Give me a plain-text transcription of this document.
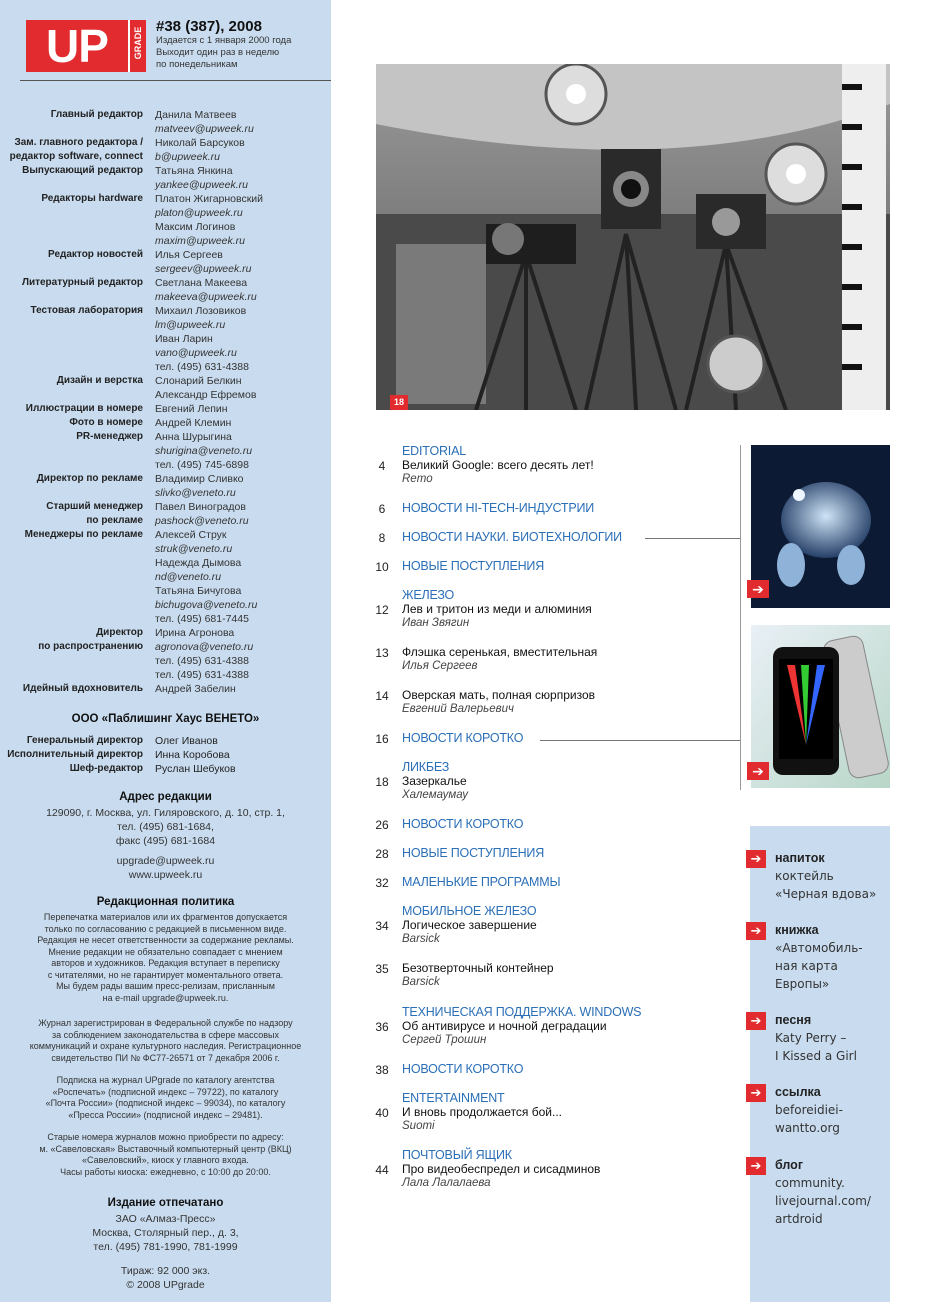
UP	GRADE
#38 (387), 2008
Издается с 1 января 2000 года
Выходит один раз в неделю
по понедельникам
Главный редактор	Данила Матвеев
matveev@upweek.ru
Зам. главного редактора /	Николай Барсуков
редактор software, connect	b@upweek.ru
Выпускающий редактор	Татьяна Янкина
yankee@upweek.ru
Редакторы hardware	Платон Жигарновский
platon@upweek.ru
Максим Логинов
maxim@upweek.ru
Редактор новостей	Илья Сергеев
sergeev@upweek.ru
Литературный редактор	Светлана Макеева
makeeva@upweek.ru
Тестовая лаборатория	Михаил Лозовиков
lm@upweek.ru
Иван Ларин
vano@upweek.ru
тел. (495) 631-4388
Дизайн и верстка	Слонарий Белкин
Александр Ефремов
Иллюстрации в номере	Евгений Лепин
Фото в номере	Андрей Клемин
PR-менеджер	Анна Шурыгина
shurigina@veneto.ru
тел. (495) 745-6898
Директор по рекламе	Владимир Сливко
slivko@veneto.ru
Старший менеджер	Павел Виноградов
по рекламе	pashock@veneto.ru
Менеджеры по рекламе	Алексей Струк
struk@veneto.ru
Надежда Дымова
nd@veneto.ru
Татьяна Бичугова
bichugova@veneto.ru
тел. (495) 681-7445
Директор	Ирина Агронова
по распространению	agronova@veneto.ru
тел. (495) 631-4388
тел. (495) 631-4388
Идейный вдохновитель	Андрей Забелин
ООО «Паблишинг Хаус ВЕНЕТО»
Генеральный директор	Олег Иванов
Исполнительный директор	Инна Коробова
Шеф-редактор	Руслан Шебуков
Адрес редакции
129090, г. Москва, ул. Гиляровского, д. 10, стр. 1,
тел. (495) 681-1684,
факс (495) 681-1684
upgrade@upweek.ru
www.upweek.ru
Редакционная политика
Перепечатка материалов или их фрагментов допускается
только по согласованию с редакцией в письменном виде.
Редакция не несет ответственности за содержание рекламы.
Мнение редакции не обязательно совпадает с мнением
авторов и художников. Редакция вступает в переписку
с читателями, но не гарантирует моментального ответа.
Мы будем рады вашим пресс-релизам, присланным
на e-mail upgrade@upweek.ru.
Журнал зарегистрирован в Федеральной службе по надзору
за соблюдением законодательства в сфере массовых
коммуникаций и охране культурного наследия. Регистрационное
свидетельство ПИ № ФС77-26571 от 7 декабря 2006 г.
Подписка на журнал UPgrade по каталогу агентства
«Роспечать» (подписной индекс – 79722), по каталогу
«Почта России» (подписной индекс – 99034), по каталогу
«Пресса России» (подписной индекс – 29481).
Старые номера журналов можно приобрести по адресу:
м. «Савеловская» Выставочный компьютерный центр (ВКЦ)
«Савеловский», киоск у главного входа.
Часы работы киоска: ежедневно, с 10:00 до 20:00.
Издание отпечатано
ЗАО «Алмаз-Пресс»
Москва, Столярный пер., д. 3,
тел. (495) 781-1990, 781-1999
Тираж: 92 000 экз.
© 2008 UPgrade
18
EDITORIAL
4	Великий Google: всего десять лет!
Remo
6	НОВОСТИ HI-TECH-ИНДУСТРИИ
8	НОВОСТИ НАУКИ. БИОТЕХНОЛОГИИ
10 НОВЫЕ ПОСТУПЛЕНИЯ
ЖЕЛЕЗО
12 Лев и тритон из меди и алюминия
Иван Звягин
13 Флэшка серенькая, вместительная
Илья Сергеев
14 Оверская мать, полная сюрпризов
Евгений Валерьевич
16 НОВОСТИ КОРОТКО
ЛИКБЕЗ
18 Зазеркалье
Халемаумау
26 НОВОСТИ КОРОТКО
28 НОВЫЕ ПОСТУПЛЕНИЯ
32 МАЛЕНЬКИЕ ПРОГРАММЫ
МОБИЛЬНОЕ ЖЕЛЕЗО
34 Логическое завершение
Barsick
35 Безотверточный контейнер
Barsick
ТЕХНИЧЕСКАЯ ПОДДЕРЖКА. WINDOWS
36 Об антивирусе и ночной деградации
Сергей Трошин
38 НОВОСТИ КОРОТКО
ENTERTAINMENT
40 И вновь продолжается бой...
Suomi
ПОЧТОВЫЙ ЯЩИК
44 Про видеобеспредел и сисадминов
Лала Лалалаева
➔
➔
➔	напиток
коктейль
«Черная вдова»
➔	книжка
«Автомобиль-
ная карта
Европы»
➔	песня
Katy Perry –
I Kissed a Girl
➔	ссылка
beforeidiei-
wantto.org
➔	блог
community.
livejournal.com/
artdroid
